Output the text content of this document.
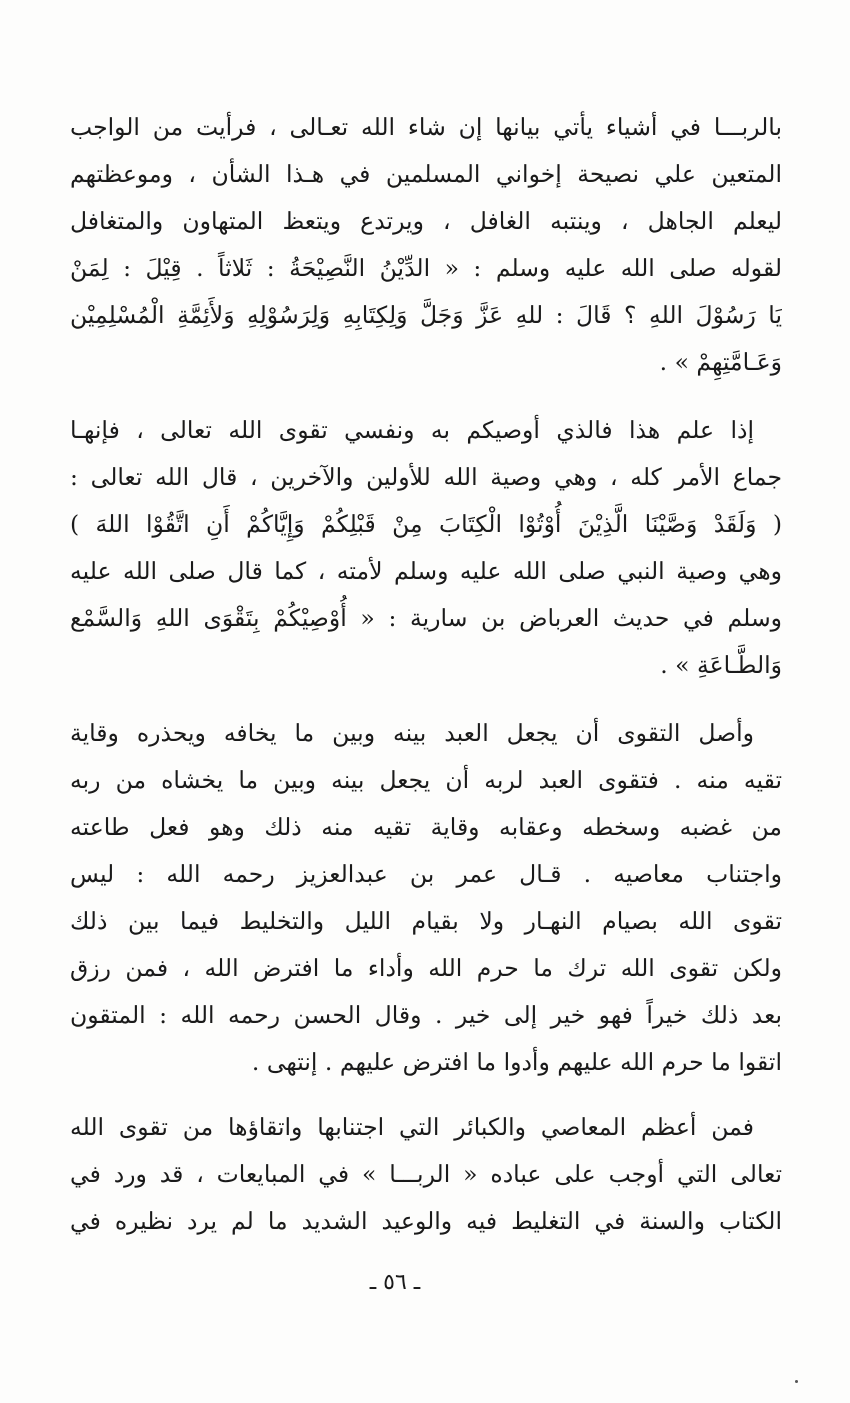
بالربـــا في أشياء يأتي بيانها إن شاء الله تعـالى ، فرأيت من الواجب
المتعين علي نصيحة إخواني المسلمين في هـذا الشأن ، وموعظتهم
ليعلم الجاهل ، وينتبه الغافل ، ويرتدع ويتعظ المتهاون والمتغافل
لقوله صلى الله عليه وسلم : « الدِّيْنُ النَّصِيْحَةُ : ثَلاثاً . قِيْلَ : لِمَنْ
يَا رَسُوْلَ اللهِ ؟ قَالَ : للهِ عَزَّ وَجَلَّ وَلِكِتَابِهِ وَلِرَسُوْلِهِ وَلأَئِمَّةِ الْمُسْلِمِيْن
وَعَـامَّتِهِمْ » .
إذا علم هذا فالذي أوصيكم به ونفسي تقوى الله تعالى ، فإنهـا
جماع الأمر كله ، وهي وصية الله للأولين والآخرين ، قال الله تعالى :
( وَلَقَدْ وَصَّيْنَا الَّذِيْنَ أُوْتُوْا الْكِتَابَ مِنْ قَبْلِكُمْ وَإِيَّاكُمْ أَنِ اتَّقُوْا اللهَ )
وهي وصية النبي صلى الله عليه وسلم لأمته ، كما قال صلى الله عليه
وسلم في حديث العرباض بن سارية : « أُوْصِيْكُمْ بِتَقْوَى اللهِ وَالسَّمْع
وَالطَّـاعَةِ » .
وأصل التقوى أن يجعل العبد بينه وبين ما يخافه ويحذره وقاية
تقيه منه . فتقوى العبد لربه أن يجعل بينه وبين ما يخشاه من ربه
من غضبه وسخطه وعقابه وقاية تقيه منه ذلك وهو فعل طاعته
واجتناب معاصيه . قـال عمر بن عبدالعزيز رحمه الله : ليس
تقوى الله بصيام النهـار ولا بقيام الليل والتخليط فيما بين ذلك
ولكن تقوى الله ترك ما حرم الله وأداء ما افترض الله ، فمن رزق
بعد ذلك خيراً فهو خير إلى خير . وقال الحسن رحمه الله : المتقون
اتقوا ما حرم الله عليهم وأدوا ما افترض عليهم . إنتهى .
فمن أعظم المعاصي والكبائر التي اجتنابها واتقاؤها من تقوى الله
تعالى التي أوجب على عباده « الربـــا » في المبايعات ، قد ورد في
الكتاب والسنة في التغليط فيه والوعيد الشديد ما لم يرد نظيره في
ـ ٥٦ ـ
